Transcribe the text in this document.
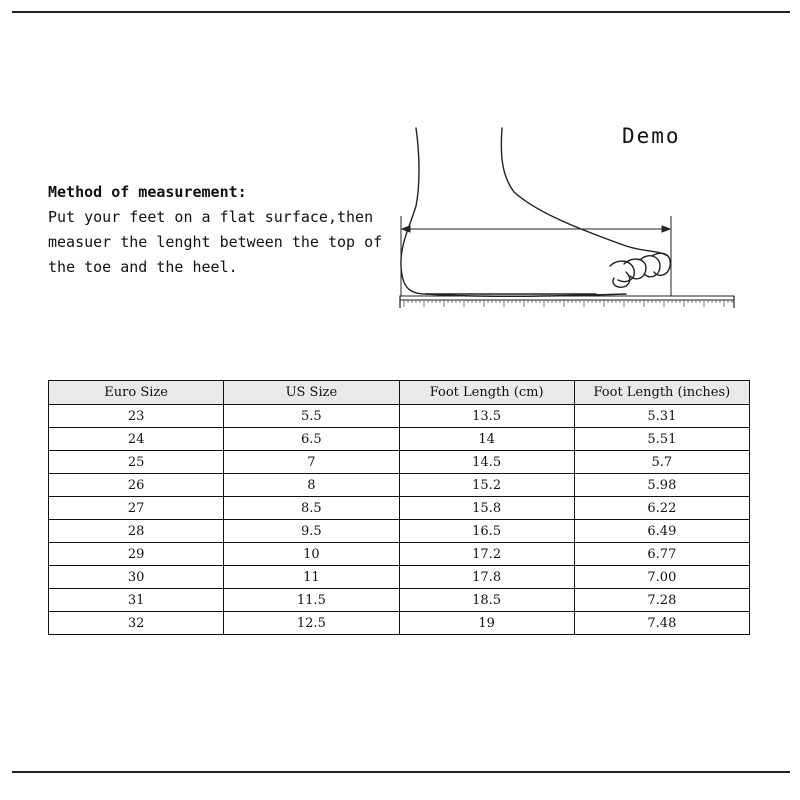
Method of measurement:
Put your feet on a flat surface,then
measuer the lenght between the top of
the toe and the heel.
Demo
Euro Size	US Size	Foot Length (cm)	Foot Length (inches)
23	5.5	13.5	5.31
24	6.5	14	5.51
25	7	14.5	5.7
26	8	15.2	5.98
27	8.5	15.8	6.22
28	9.5	16.5	6.49
29	10	17.2	6.77
30	11	17.8	7.00
31	11.5	18.5	7.28
32	12.5	19	7.48
